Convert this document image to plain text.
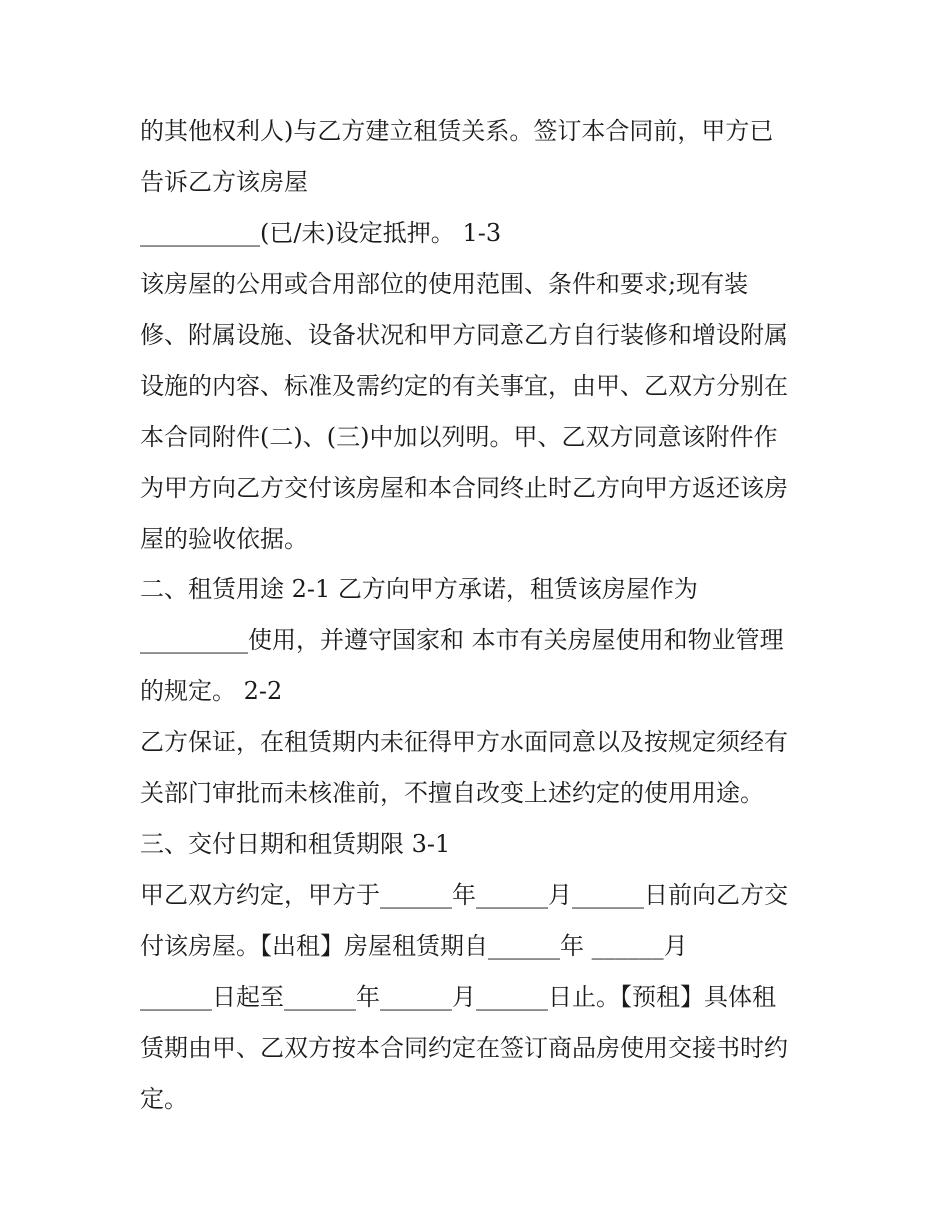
的其他权利人)与乙方建立租赁关系。签订本合同前，甲方已
告诉乙方该房屋
__________(已/未)设定抵押。 1-3
该房屋的公用或合用部位的使用范围、条件和要求;现有装
修、附属设施、设备状况和甲方同意乙方自行装修和增设附属
设施的内容、标准及需约定的有关事宜，由甲、乙双方分别在
本合同附件(二)、(三)中加以列明。甲、乙双方同意该附件作
为甲方向乙方交付该房屋和本合同终止时乙方向甲方返还该房
屋的验收依据。
二、租赁用途 2-1 乙方向甲方承诺，租赁该房屋作为
_________使用，并遵守国家和 本市有关房屋使用和物业管理
的规定。 2-2
乙方保证，在租赁期内未征得甲方水面同意以及按规定须经有
关部门审批而未核准前，不擅自改变上述约定的使用用途。
三、交付日期和租赁期限 3-1
甲乙双方约定，甲方于______年______月______日前向乙方交
付该房屋。【出租】房屋租赁期自______年 ______月
______日起至______年______月______日止。【预租】具体租
赁期由甲、乙双方按本合同约定在签订商品房使用交接书时约
定。
